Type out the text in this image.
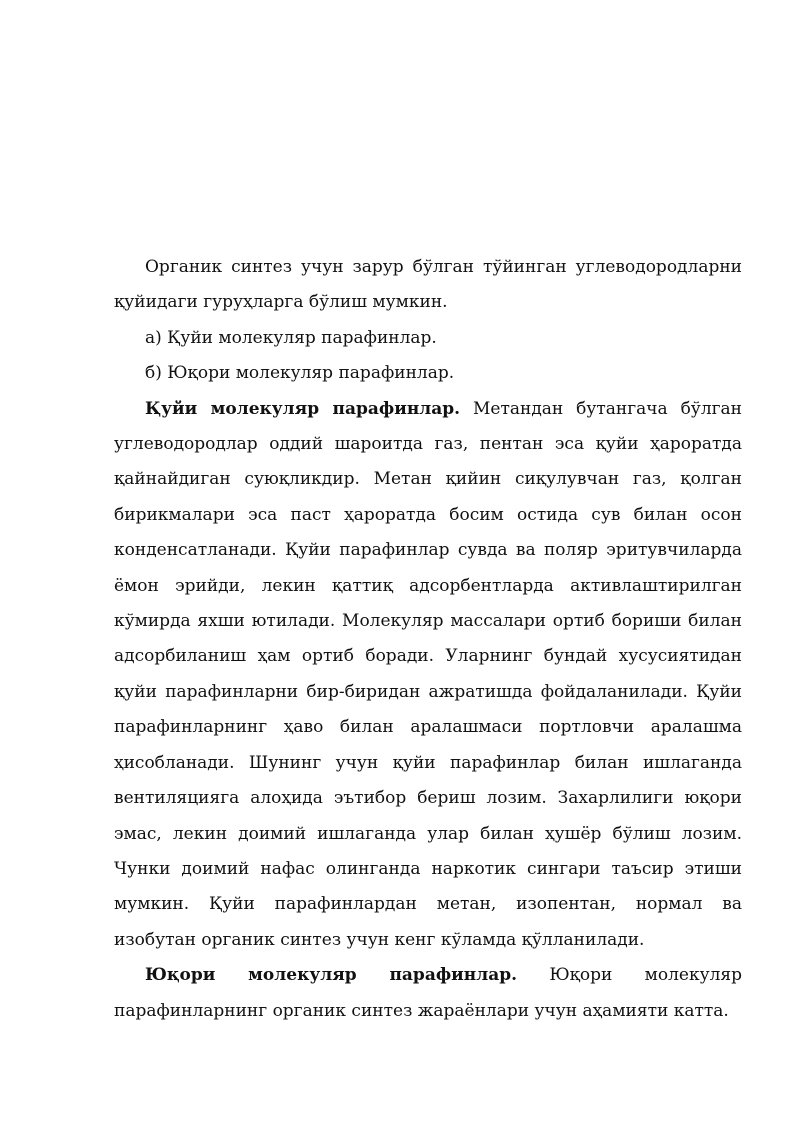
Органик синтез учун зарур бўлган тўйинган углеводородларни қуйидаги гуруҳларга бўлиш мумкин.

а) Қуйи молекуляр парафинлар.

б) Юқори молекуляр парафинлар.

Қуйи молекуляр парафинлар. Метандан бутангача бўлган углеводородлар оддий шароитда газ, пентан эса қуйи ҳароратда қайнайдиган суюқликдир. Метан қийин сиқулувчан газ, қолган бирикмалари эса паст ҳароратда босим остида сув билан осон конденсатланади. Қуйи парафинлар сувда ва поляр эритувчиларда ёмон эрийди, лекин қаттиқ адсорбентларда активлаштирилган кўмирда яхши ютилади. Молекуляр массалари ортиб бориши билан адсорбиланиш ҳам ортиб боради. Уларнинг бундай хусусиятидан қуйи парафинларни бир-биридан ажратишда фойдаланилади. Қуйи парафинларнинг ҳаво билан аралашмаси портловчи аралашма ҳисобланади. Шунинг учун қуйи парафинлар билан ишлаганда вентиляцияга алоҳида эътибор бериш лозим. Захарлилиги юқори эмас, лекин доимий ишлаганда улар билан ҳушёр бўлиш лозим. Чунки доимий нафас олинганда наркотик сингари таъсир этиши мумкин. Қуйи парафинлардан метан, изопентан, нормал ва изобутан органик синтез учун кенг кўламда қўлланилади.

Юқори молекуляр парафинлар. Юқори молекуляр парафинларнинг органик синтез жараёнлари учун аҳамияти катта.
